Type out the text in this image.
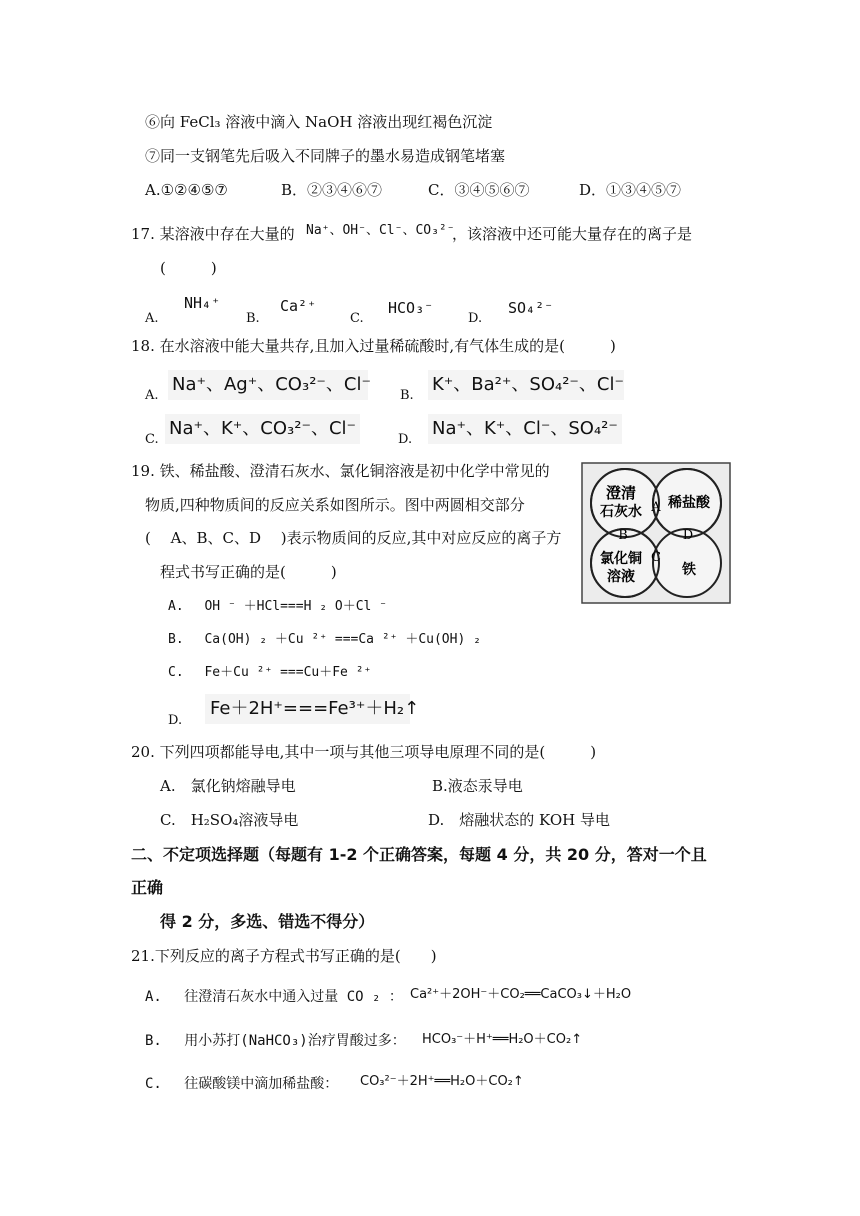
⑥向 FeCl₃ 溶液中滴入 NaOH 溶液出现红褐色沉淀
⑦同一支钢笔先后吸入不同牌子的墨水易造成钢笔堵塞
A.①②④⑤⑦	B．②③④⑥⑦	C．③④⑤⑥⑦	D．①③④⑤⑦
17. 某溶液中存在大量的 Na⁺、OH⁻、Cl⁻、CO₃²⁻
，该溶液中还可能大量存在的离子是
(　　　)
A.
NH₄⁺
B.
Ca²⁺
C.
HCO₃⁻
D.
SO₄²⁻
18. 在水溶液中能大量共存,且加入过量稀硫酸时,有气体生成的是(　　　)
A.
Na⁺、Ag⁺、CO₃²⁻、Cl⁻
B.
K⁺、Ba²⁺、SO₄²⁻、Cl⁻
C.
Na⁺、K⁺、CO₃²⁻、Cl⁻
D.
Na⁺、K⁺、Cl⁻、SO₄²⁻
19. 铁、稀盐酸、澄清石灰水、氯化铜溶液是初中化学中常见的
物质,四种物质间的反应关系如图所示。图中两圆相交部分
(　 A、B、C、D　 )表示物质间的反应,其中对应反应的离子方
程式书写正确的是(　　　)
A.　 OH ⁻ ＋HCl===H ₂ O＋Cl ⁻
B.　 Ca(OH) ₂ ＋Cu ²⁺ ===Ca ²⁺ ＋Cu(OH) ₂
C.　 Fe＋Cu ²⁺ ===Cu＋Fe ²⁺
D.
Fe＋2H⁺===Fe³⁺＋H₂↑
澄清
石灰水
稀盐酸
氯化铜
溶液	铁
A
B
C
D
20. 下列四项都能导电,其中一项与其他三项导电原理不同的是(　　　)
A.　氯化钠熔融导电	B.液态汞导电
C.　H₂SO₄溶液导电	D.　熔融状态的 KOH 导电
二、不定项选择题（每题有 1-2 个正确答案，每题 4 分，共 20 分，答对一个且
正确
得 2 分，多选、错选不得分）
21.下列反应的离子方程式书写正确的是(　　)
A.　 往澄清石灰水中通入过量 CO ₂ ： Ca²⁺＋2OH⁻＋CO₂══CaCO₃↓＋H₂O
B.　 用小苏打(NaHCO₃)治疗胃酸过多： HCO₃⁻＋H⁺══H₂O＋CO₂↑
C.　 往碳酸镁中滴加稀盐酸： CO₃²⁻＋2H⁺══H₂O＋CO₂↑
